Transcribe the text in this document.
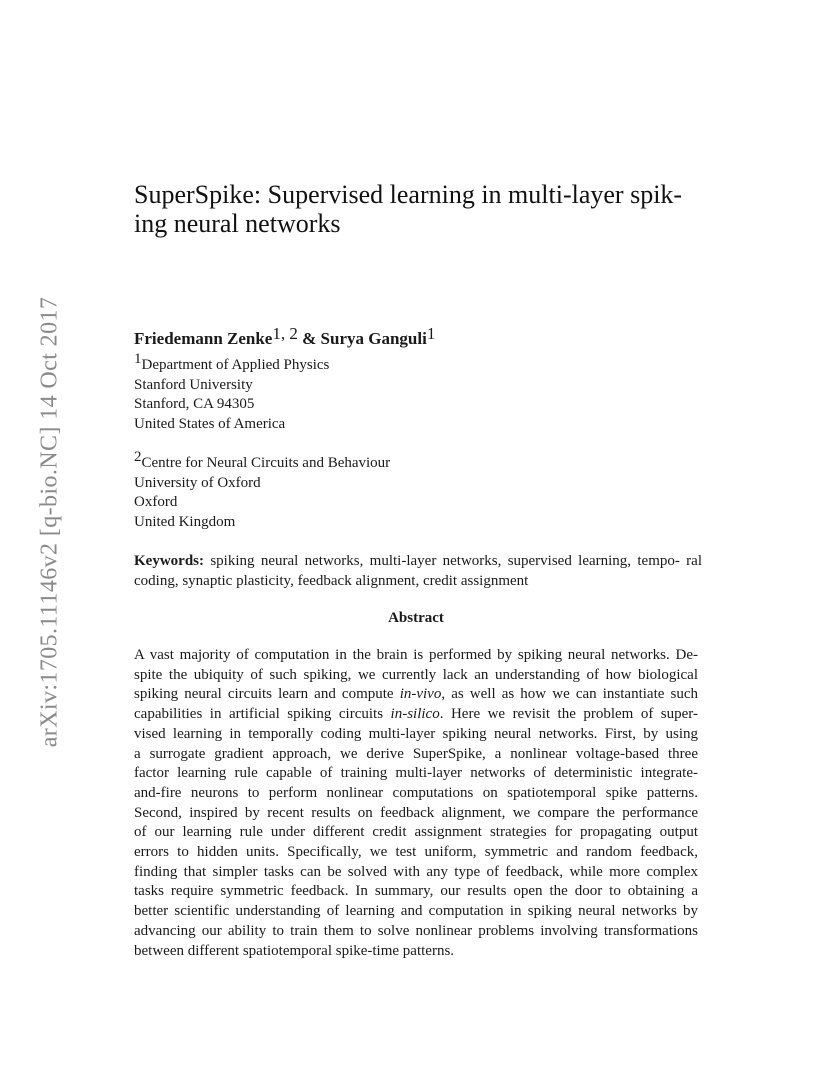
arXiv:1705.11146v2 [q-bio.NC] 14 Oct 2017
SuperSpike: Supervised learning in multi-layer spik-
ing neural networks

Friedemann Zenke$^{1, 2}$ & Surya Ganguli$^1$

$^1$Department of Applied Physics
Stanford University
Stanford, CA 94305
United States of America
$^2$Centre for Neural Circuits and Behaviour
University of Oxford
Oxford
United Kingdom

Keywords: spiking neural networks, multi-layer networks, supervised learning, tempo- ral coding, synaptic plasticity, feedback alignment, credit assignment

Abstract
A vast majority of computation in the brain is performed by spiking neural networks. De-
spite the ubiquity of such spiking, we currently lack an understanding of how biological
spiking neural circuits learn and compute in-vivo, as well as how we can instantiate such
capabilities in artificial spiking circuits in-silico. Here we revisit the problem of super-
vised learning in temporally coding multi-layer spiking neural networks. First, by using
a surrogate gradient approach, we derive SuperSpike, a nonlinear voltage-based three
factor learning rule capable of training multi-layer networks of deterministic integrate-
and-fire neurons to perform nonlinear computations on spatiotemporal spike patterns.
Second, inspired by recent results on feedback alignment, we compare the performance
of our learning rule under different credit assignment strategies for propagating output
errors to hidden units. Specifically, we test uniform, symmetric and random feedback,
finding that simpler tasks can be solved with any type of feedback, while more complex
tasks require symmetric feedback. In summary, our results open the door to obtaining a
better scientific understanding of learning and computation in spiking neural networks by
advancing our ability to train them to solve nonlinear problems involving transformations
between different spatiotemporal spike-time patterns.
